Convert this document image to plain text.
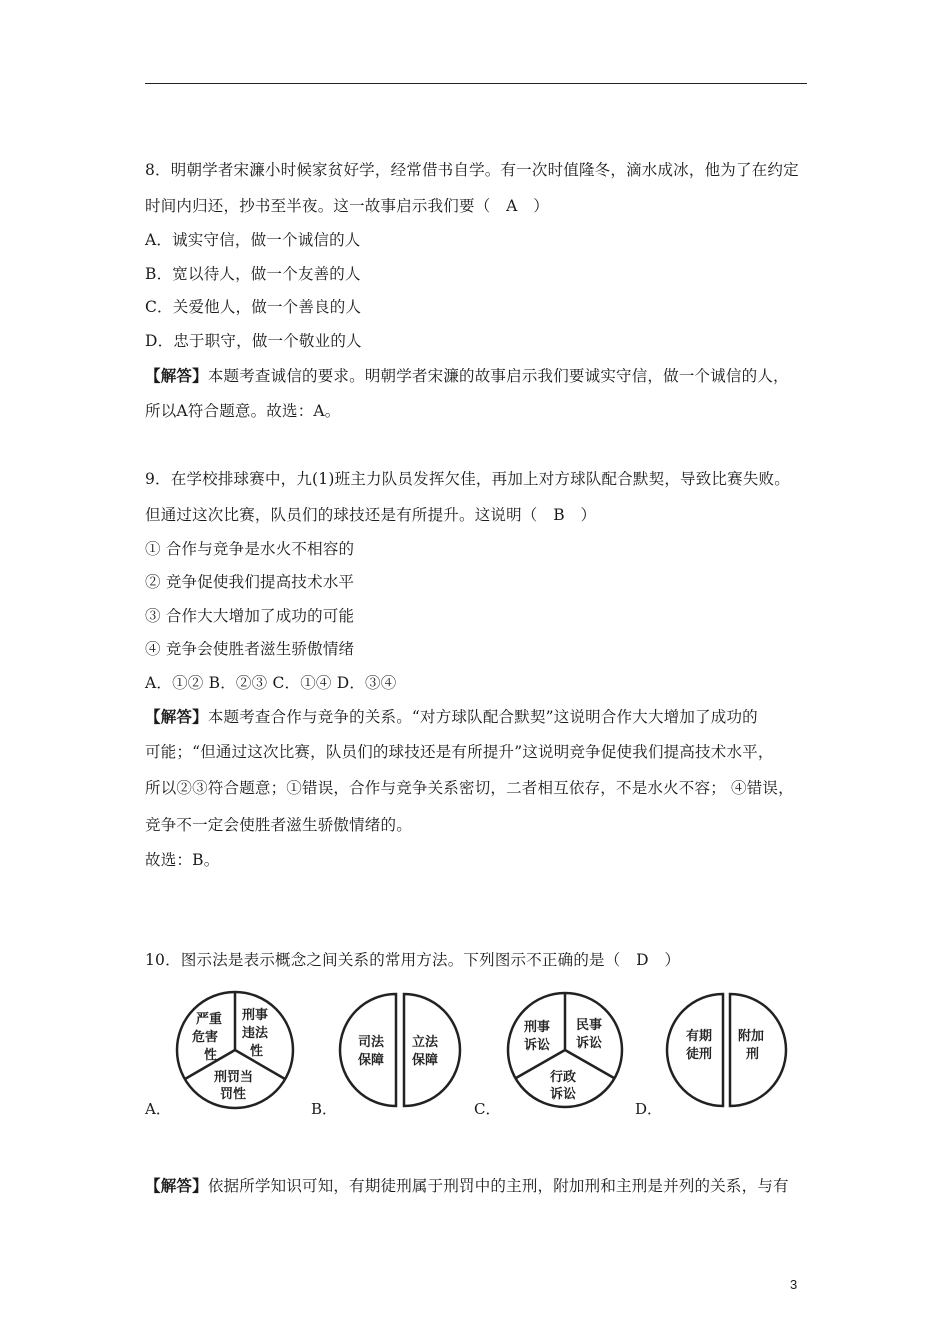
8．明朝学者宋濂小时候家贫好学，经常借书自学。有一次时值隆冬，滴水成冰，他为了在约定
时间内归还，抄书至半夜。这一故事启示我们要（　A　）
A．诚实守信，做一个诚信的人
B．宽以待人，做一个友善的人
C．关爱他人，做一个善良的人
D．忠于职守，做一个敬业的人
【解答】本题考查诚信的要求。明朝学者宋濂的故事启示我们要诚实守信，做一个诚信的人，
所以A符合题意。故选：A。
9．在学校排球赛中，九(1)班主力队员发挥欠佳，再加上对方球队配合默契，导致比赛失败。
但通过这次比赛，队员们的球技还是有所提升。这说明（　B　）
① 合作与竞争是水火不相容的
② 竞争促使我们提高技术水平
③ 合作大大增加了成功的可能
④ 竞争会使胜者滋生骄傲情绪
A．①② B．②③ C．①④ D．③④
【解答】本题考查合作与竞争的关系。“对方球队配合默契”这说明合作大大增加了成功的
可能；“但通过这次比赛，队员们的球技还是有所提升”这说明竞争促使我们提高技术水平，
所以②③符合题意；①错误，合作与竞争关系密切，二者相互依存，不是水火不容； ④错误，
竞争不一定会使胜者滋生骄傲情绪的。
故选：B。
10．图示法是表示概念之间关系的常用方法。下列图示不正确的是（　D　）
严重
危害
性
刑事
违法
性
刑罚当
罚性
A．
司法
保障
立法
保障
B．
刑事
诉讼
民事
诉讼
行政
诉讼
C．
有期
徒刑
附加
刑
D．
【解答】依据所学知识可知，有期徒刑属于刑罚中的主刑，附加刑和主刑是并列的关系，与有
3
